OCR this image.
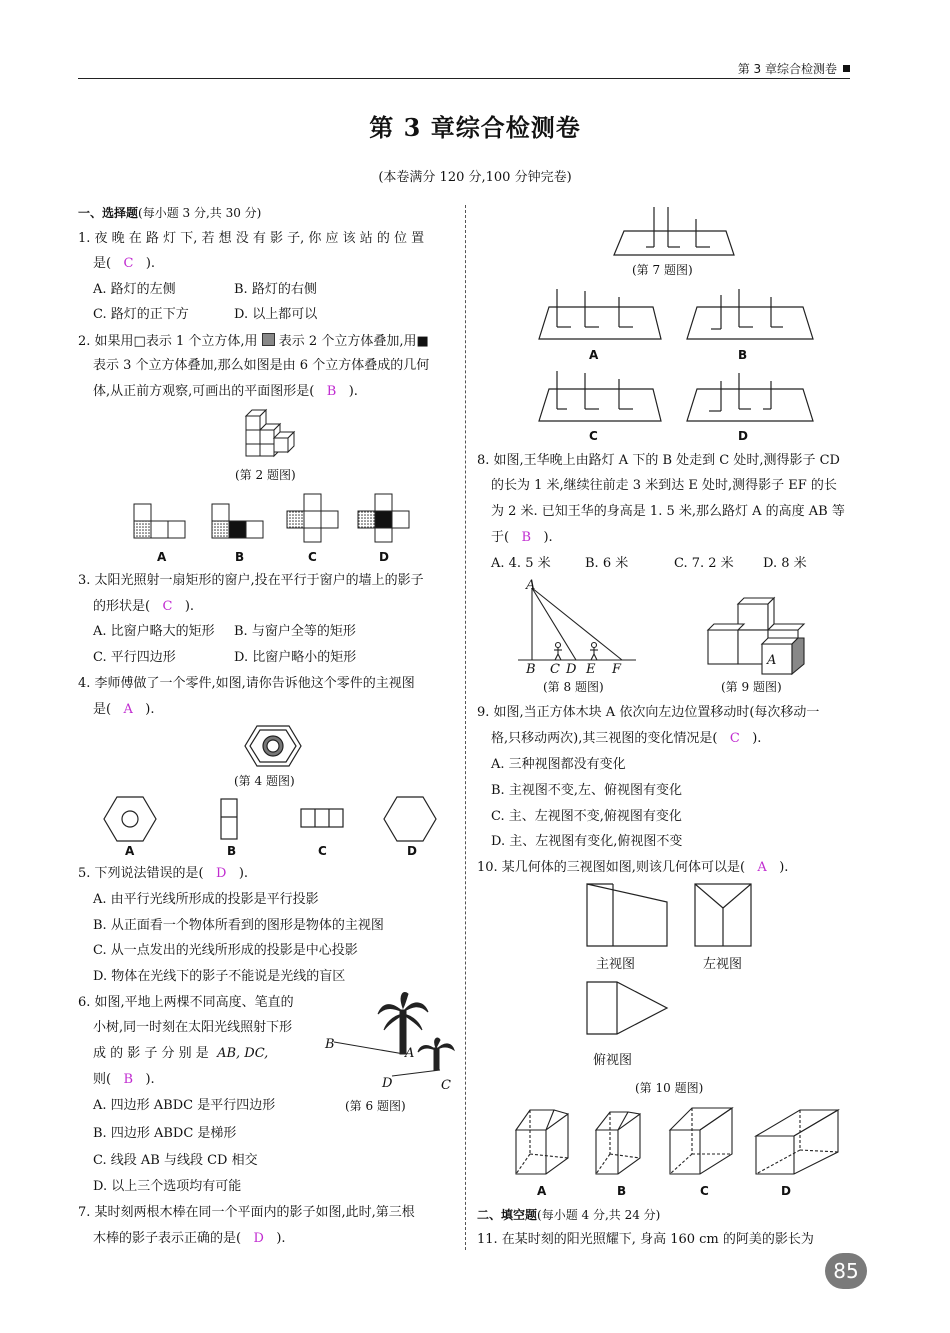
第 3 章综合检测卷
第 3 章综合检测卷
(本卷满分 120 分,100 分钟完卷)
一、选择题(每小题 3 分,共 30 分)
1. 夜 晚 在 路 灯 下, 若 想 没 有 影 子, 你 应 该 站 的 位 置
是( C ).
A. 路灯的左侧	B. 路灯的右侧
C. 路灯的正下方	D. 以上都可以
2. 如果用□表示 1 个立方体,用 表示 2 个立方体叠加,用■
表示 3 个立方体叠加,那么如图是由 6 个立方体叠成的几何
体,从正前方观察,可画出的平面图形是( B ).
(第 2 题图)
A	B	C	D
3. 太阳光照射一扇矩形的窗户,投在平行于窗户的墙上的影子
的形状是( C ).
A. 比窗户略大的矩形 B. 与窗户全等的矩形
C. 平行四边形	D. 比窗户略小的矩形
4. 李师傅做了一个零件,如图,请你告诉他这个零件的主视图
是( A ).
(第 4 题图)
A	B	C	D
5. 下列说法错误的是( D ).
A. 由平行光线所形成的投影是平行投影
B. 从正面看一个物体所看到的图形是物体的主视图
C. 从一点发出的光线所形成的投影是中心投影
D. 物体在光线下的影子不能说是光线的盲区
6. 如图,平地上两棵不同高度、笔直的
小树,同一时刻在太阳光线照射下形
成 的 影 子 分 别 是 AB, DC,
则( B ).
A. 四边形 ABDC 是平行四边形
B. 四边形 ABDC 是梯形
C. 线段 AB 与线段 CD 相交
D. 以上三个选项均有可能
B
A
D	C
(第 6 题图)
7. 某时刻两根木棒在同一个平面内的影子如图,此时,第三根
木棒的影子表示正确的是( D ).
(第 7 题图)
A	B
C	D
8. 如图,王华晚上由路灯 A 下的 B 处走到 C 处时,测得影子 CD
的长为 1 米,继续往前走 3 米到达 E 处时,测得影子 EF 的长
为 2 米. 已知王华的身高是 1. 5 米,那么路灯 A 的高度 AB 等
于( B ).
A. 4. 5 米	B. 6 米	C. 7. 2 米 D. 8 米
A
B C D E F
(第 8 题图)
A
(第 9 题图)
9. 如图,当正方体木块 A 依次向左边位置移动时(每次移动一
格,只移动两次),其三视图的变化情况是( C ).
A. 三种视图都没有变化
B. 主视图不变,左、俯视图有变化
C. 主、左视图不变,俯视图有变化
D. 主、左视图有变化,俯视图不变
10. 某几何体的三视图如图,则该几何体可以是( A ).
主视图	左视图
俯视图
(第 10 题图)
A	B	C	D
二、填空题(每小题 4 分,共 24 分)
11. 在某时刻的阳光照耀下, 身高 160 cm 的阿美的影长为
85
